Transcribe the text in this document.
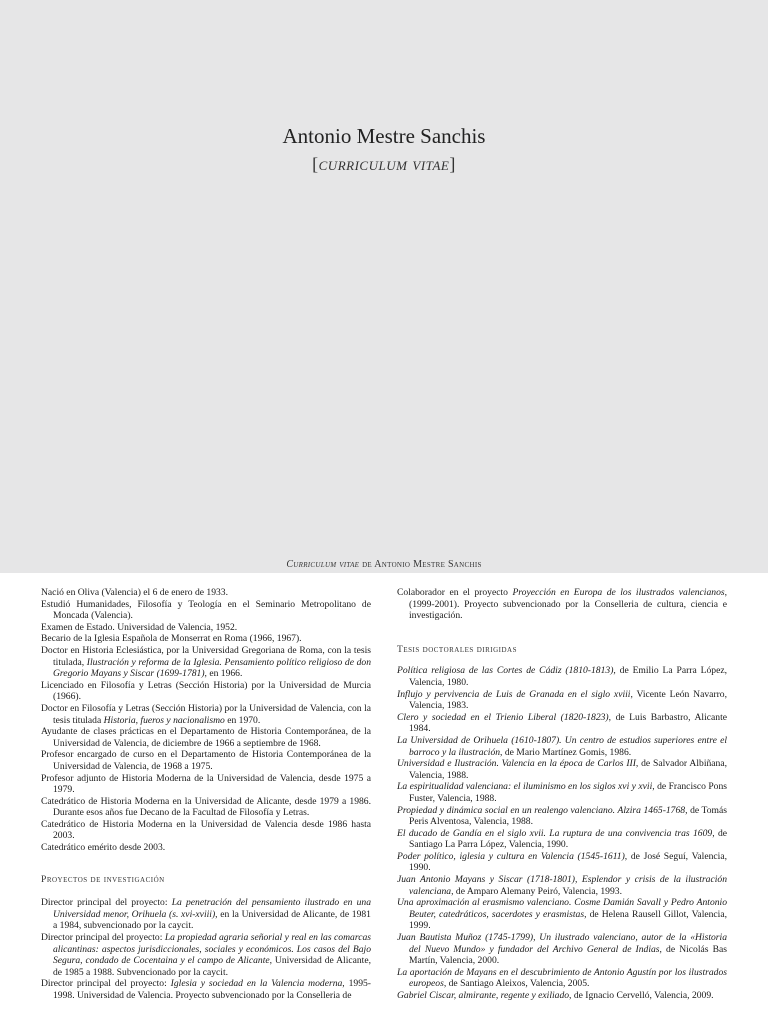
Antonio Mestre Sanchis
[curriculum vitae]
Curriculum vitae de Antonio Mestre Sanchis
Nació en Oliva (Valencia) el 6 de enero de 1933.
Estudió Humanidades, Filosofía y Teología en el Seminario Metropolitano de Moncada (Valencia).
Examen de Estado. Universidad de Valencia, 1952.
Becario de la Iglesia Española de Monserrat en Roma (1966, 1967).
Doctor en Historia Eclesiástica, por la Universidad Gregoriana de Roma, con la tesis titulada, Ilustración y reforma de la Iglesia. Pensamiento político religioso de don Gregorio Mayans y Siscar (1699-1781), en 1966.
Licenciado en Filosofía y Letras (Sección Historia) por la Universidad de Murcia (1966).
Doctor en Filosofía y Letras (Sección Historia) por la Universidad de Valencia, con la tesis titulada Historia, fueros y nacionalismo en 1970.
Ayudante de clases prácticas en el Departamento de Historia Contemporánea, de la Universidad de Valencia, de diciembre de 1966 a septiembre de 1968.
Profesor encargado de curso en el Departamento de Historia Contemporánea de la Universidad de Valencia, de 1968 a 1975.
Profesor adjunto de Historia Moderna de la Universidad de Valencia, desde 1975 a 1979.
Catedrático de Historia Moderna en la Universidad de Alicante, desde 1979 a 1986. Durante esos años fue Decano de la Facultad de Filosofía y Letras.
Catedrático de Historia Moderna en la Universidad de Valencia desde 1986 hasta 2003.
Catedrático emérito desde 2003.
Proyectos de investigación
Director principal del proyecto: La penetración del pensamiento ilustrado en una Universidad menor, Orihuela (s. xvi-xviii), en la Universidad de Alicante, de 1981 a 1984, subvencionado por la caycit.
Director principal del proyecto: La propiedad agraria señorial y real en las comarcas alicantinas: aspectos jurisdiccionales, sociales y económicos. Los casos del Bajo Segura, condado de Cocentaina y el campo de Alicante, Universidad de Alicante, de 1985 a 1988. Subvencionado por la caycit.
Director principal del proyecto: Iglesia y sociedad en la Valencia moderna, 1995-1998. Universidad de Valencia. Proyecto subvencionado por la Conselleria de
Colaborador en el proyecto Proyección en Europa de los ilustrados valencianos, (1999-2001). Proyecto subvencionado por la Conselleria de cultura, ciencia e investigación.
Tesis doctorales dirigidas
Política religiosa de las Cortes de Cádiz (1810-1813), de Emilio La Parra López, Valencia, 1980.
Influjo y pervivencia de Luis de Granada en el siglo xviii, Vicente León Navarro, Valencia, 1983.
Clero y sociedad en el Trienio Liberal (1820-1823), de Luis Barbastro, Alicante 1984.
La Universidad de Orihuela (1610-1807). Un centro de estudios superiores entre el barroco y la ilustración, de Mario Martínez Gomis, 1986.
Universidad e Ilustración. Valencia en la época de Carlos III, de Salvador Albiñana, Valencia, 1988.
La espiritualidad valenciana: el iluminismo en los siglos xvi y xvii, de Francisco Pons Fuster, Valencia, 1988.
Propiedad y dinámica social en un realengo valenciano. Alzira 1465-1768, de Tomás Peris Alventosa, Valencia, 1988.
El ducado de Gandía en el siglo xvii. La ruptura de una convivencia tras 1609, de Santiago La Parra López, Valencia, 1990.
Poder político, iglesia y cultura en Valencia (1545-1611), de José Seguí, Valencia, 1990.
Juan Antonio Mayans y Siscar (1718-1801), Esplendor y crisis de la ilustración valenciana, de Amparo Alemany Peiró, Valencia, 1993.
Una aproximación al erasmismo valenciano. Cosme Damián Savall y Pedro Antonio Beuter, catedráticos, sacerdotes y erasmistas, de Helena Rausell Gillot, Valencia, 1999.
Juan Bautista Muñoz (1745-1799), Un ilustrado valenciano, autor de la «Historia del Nuevo Mundo» y fundador del Archivo General de Indias, de Nicolás Bas Martín, Valencia, 2000.
La aportación de Mayans en el descubrimiento de Antonio Agustín por los ilustrados europeos, de Santiago Aleixos, Valencia, 2005.
Gabriel Ciscar, almirante, regente y exiliado, de Ignacio Cervelló, Valencia, 2009.
